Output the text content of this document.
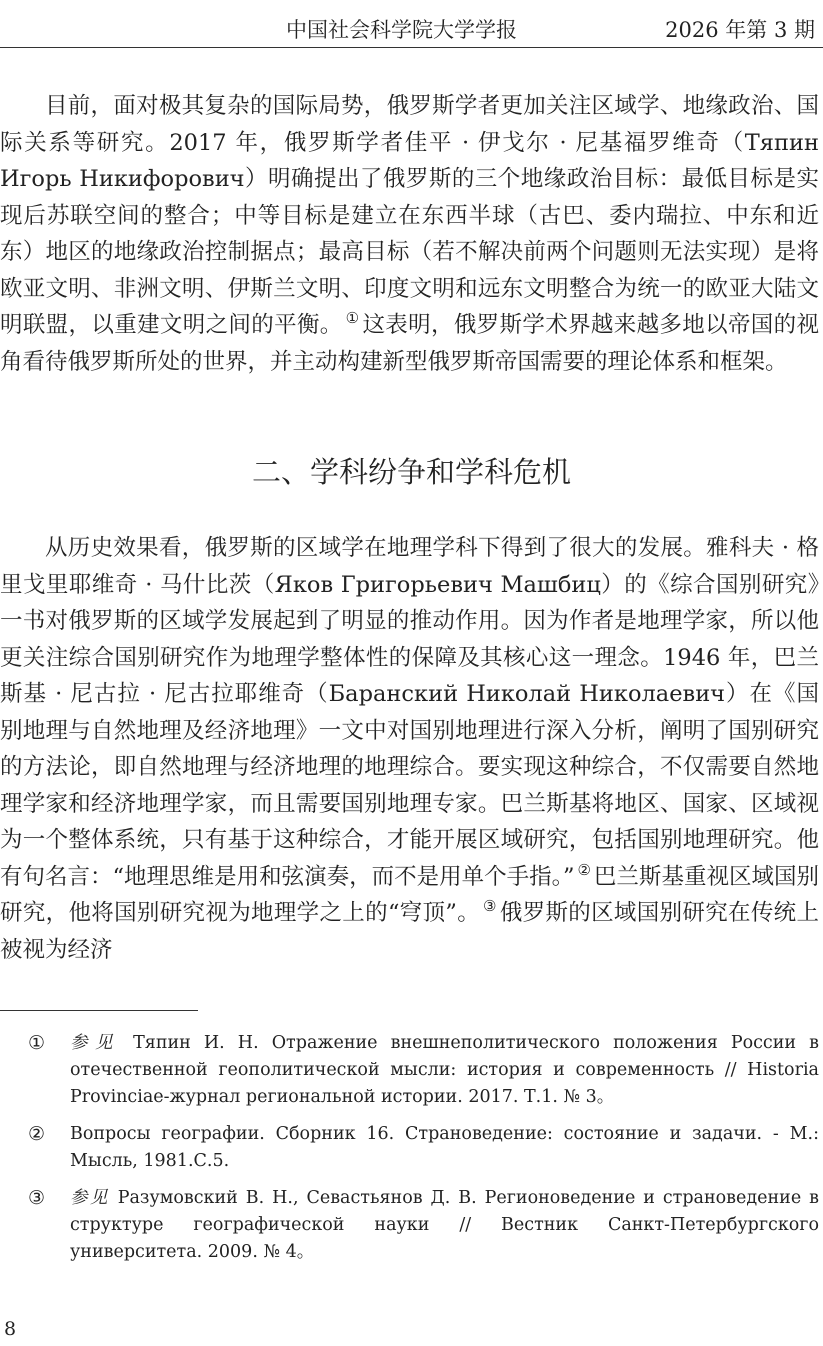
中国社会科学院大学学报	2026 年第 3 期

目前，面对极其复杂的国际局势，俄罗斯学者更加关注区域学、地缘政治、国际关系等研究。2017 年，俄罗斯学者佳平 · 伊戈尔 · 尼基福罗维奇（Тяпин Игорь Никифорович）明确提出了俄罗斯的三个地缘政治目标：最低目标是实现后苏联空间的整合；中等目标是建立在东西半球（古巴、委内瑞拉、中东和近东）地区的地缘政治控制据点；最高目标（若不解决前两个问题则无法实现）是将欧亚文明、非洲文明、伊斯兰文明、印度文明和远东文明整合为统一的欧亚大陆文明联盟，以重建文明之间的平衡。 ① 这表明，俄罗斯学术界越来越多地以帝国的视角看待俄罗斯所处的世界，并主动构建新型俄罗斯帝国需要的理论体系和框架。

二、学科纷争和学科危机

从历史效果看，俄罗斯的区域学在地理学科下得到了很大的发展。雅科夫 · 格里戈里耶维奇 · 马什比茨（Яков Григорьевич Машбиц）的《综合国别研究》一书对俄罗斯的区域学发展起到了明显的推动作用。因为作者是地理学家，所以他更关注综合国别研究作为地理学整体性的保障及其核心这一理念。1946 年，巴兰斯基 · 尼古拉 · 尼古拉耶维奇（Баранский Николай Николаевич）在《国别地理与自然地理及经济地理》一文中对国别地理进行深入分析，阐明了国别研究的方法论，即自然地理与经济地理的地理综合。要实现这种综合，不仅需要自然地理学家和经济地理学家，而且需要国别地理专家。巴兰斯基将地区、国家、区域视为一个整体系统，只有基于这种综合，才能开展区域研究，包括国别地理研究。他有句名言：“地理思维是用和弦演奏，而不是用单个手指。” ② 巴兰斯基重视区域国别研究，他将国别研究视为地理学之上的“穹顶”。 ③ 俄罗斯的区域国别研究在传统上被视为经济

① 参见 Тяпин И. Н. Отражение внешнеполитического положения России в отечественной геополитической мысли: история и современность // Historia Provinciae-журнал региональной истории. 2017. Т.1. № 3。
② Вопросы географии. Сборник 16. Страноведение: состояние и задачи. - М.: Мысль, 1981.С.5.
③ 参见 Разумовский В. Н., Севастьянов Д. В. Регионоведение и страноведение в структуре географической науки // Вестник Санкт-Петербургского университета. 2009. № 4。
8
